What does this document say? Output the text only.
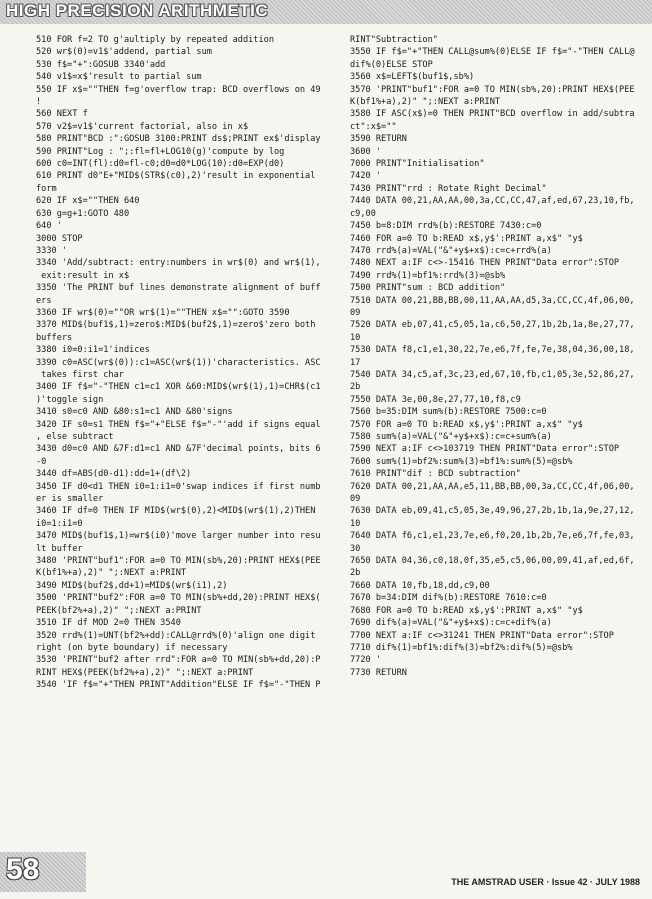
HIGH PRECISION ARITHMETIC
510 FOR f=2 TO g'aultiply by repeated addition
520 wr$(0)=v1$'addend, partial sum
530 f$="+":GOSUB 3340'add
540 v1$=x$'result to partial sum
550 IF x$=""THEN f=g'overflow trap: BCD overflows on 49
!
560 NEXT f
570 v2$=v1$'current factorial, also in x$
580 PRINT"BCD :":GOSUB 3100:PRINT ds$;PRINT ex$'display
590 PRINT"Log : ";:fl=fl+LOG10(g)'compute by log
600 c0=INT(fl):d0=fl-c0;d0=d0*LOG(10):d0=EXP(d0)
610 PRINT d0"E+"MID$(STR$(c0),2)'result in exponential
form
620 IF x$=""THEN 640
630 g=g+1:GOTO 480
640 '
3000 STOP
3330 '
3340 'Add/subtract: entry:numbers in wr$(0) and wr$(1),
exit:result in x$
3350 'The PRINT buf lines demonstrate alignment of buff
ers
3360 IF wr$(0)=""OR wr$(1)=""THEN x$="":GOTO 3590
3370 MID$(buf1$,1)=zero$:MID$(buf2$,1)=zero$'zero both
buffers
3380 i0=0:i1=1'indices
3390 c0=ASC(wr$(0)):c1=ASC(wr$(1))'characteristics. ASC
takes first char
3400 IF f$="-"THEN c1=c1 XOR &60:MID$(wr$(1),1)=CHR$(c1
)'toggle sign
3410 s0=c0 AND &80:s1=c1 AND &80'signs
3420 IF s0=s1 THEN f$="+"ELSE f$="-"'add if signs equal
, else subtract
3430 d0=c0 AND &7F:d1=c1 AND &7F'decimal points, bits 6
-0
3440 df=ABS(d0-d1):dd=1+(df\2)
3450 IF d0<d1 THEN i0=1:i1=0'swap indices if first numb
er is smaller
3460 IF df=0 THEN IF MID$(wr$(0),2)<MID$(wr$(1),2)THEN
i0=1:i1=0
3470 MID$(buf1$,1)=wr$(i0)'move larger number into resu
lt buffer
3480 'PRINT"buf1":FOR a=0 TO MIN(sb%,20):PRINT HEX$(PEE
K(bf1%+a),2)" ";:NEXT a:PRINT
3490 MID$(buf2$,dd+1)=MID$(wr$(i1),2)
3500 'PRINT"buf2":FOR a=0 TO MIN(sb%+dd,20):PRINT HEX$(
PEEK(bf2%+a),2)" ";:NEXT a:PRINT
3510 IF df MOD 2=0 THEN 3540
3520 rrd%(1)=UNT(bf2%+dd):CALL@rrd%(0)'align one digit
right (on byte boundary) if necessary
3530 'PRINT"buf2 after rrd":FOR a=0 TO MIN(sb%+dd,20):P
RINT HEX$(PEEK(bf2%+a),2)" ";:NEXT a:PRINT
3540 'IF f$="+"THEN PRINT"Addition"ELSE IF f$="-"THEN P
RINT"Subtraction"
3550 IF f$="+"THEN CALL@sum%(0)ELSE IF f$="-"THEN CALL@
dif%(0)ELSE STOP
3560 x$=LEFT$(buf1$,sb%)
3570 'PRINT"buf1":FOR a=0 TO MIN(sb%,20):PRINT HEX$(PEE
K(bf1%+a),2)" ";:NEXT a:PRINT
3580 IF ASC(x$)=0 THEN PRINT"BCD overflow in add/subtra
ct":x$=""
3590 RETURN
3600 '
7000 PRINT"Initialisation"
7420 '
7430 PRINT"rrd : Rotate Right Decimal"
7440 DATA 00,21,AA,AA,00,3a,CC,CC,47,af,ed,67,23,10,fb,
c9,00
7450 b=8:DIM rrd%(b):RESTORE 7430:c=0
7460 FOR a=0 TO b:READ x$,y$':PRINT a,x$" "y$
7470 rrd%(a)=VAL("&"+y$+x$):c=c+rrd%(a)
7480 NEXT a:IF c<>-15416 THEN PRINT"Data error":STOP
7490 rrd%(1)=bf1%:rrd%(3)=@sb%
7500 PRINT"sum : BCD addition"
7510 DATA 00,21,BB,BB,00,11,AA,AA,d5,3a,CC,CC,4f,06,00,
09
7520 DATA eb,07,41,c5,05,1a,c6,50,27,1b,2b,1a,8e,27,77,
10
7530 DATA f8,c1,e1,30,22,7e,e6,7f,fe,7e,38,04,36,00,18,
17
7540 DATA 34,c5,af,3c,23,ed,67,10,fb,c1,05,3e,52,86,27,
2b
7550 DATA 3e,00,8e,27,77,10,f8,c9
7560 b=35:DIM sum%(b):RESTORE 7500:c=0
7570 FOR a=0 TO b:READ x$,y$':PRINT a,x$" "y$
7580 sum%(a)=VAL("&"+y$+x$):c=c+sum%(a)
7590 NEXT a:IF c<>103719 THEN PRINT"Data error":STOP
7600 sum%(1)=bf2%:sum%(3)=bf1%:sum%(5)=@sb%
7610 PRINT"dif : BCD subtraction"
7620 DATA 00,21,AA,AA,e5,11,BB,BB,00,3a,CC,CC,4f,06,00,
09
7630 DATA eb,09,41,c5,05,3e,49,96,27,2b,1b,1a,9e,27,12,
10
7640 DATA f6,c1,e1,23,7e,e6,f0,20,1b,2b,7e,e6,7f,fe,03,
30
7650 DATA 04,36,c0,18,0f,35,e5,c5,06,00,09,41,af,ed,6f,
2b
7660 DATA 10,fb,18,dd,c9,00
7670 b=34:DIM dif%(b):RESTORE 7610:c=0
7680 FOR a=0 TO b:READ x$,y$':PRINT a,x$" "y$
7690 dif%(a)=VAL("&"+y$+x$):c=c+dif%(a)
7700 NEXT a:IF c<>31241 THEN PRINT"Data error":STOP
7710 dif%(1)=bf1%:dif%(3)=bf2%:dif%(5)=@sb%
7720 '
7730 RETURN
58	THE AMSTRAD USER · Issue 42 · JULY 1988
